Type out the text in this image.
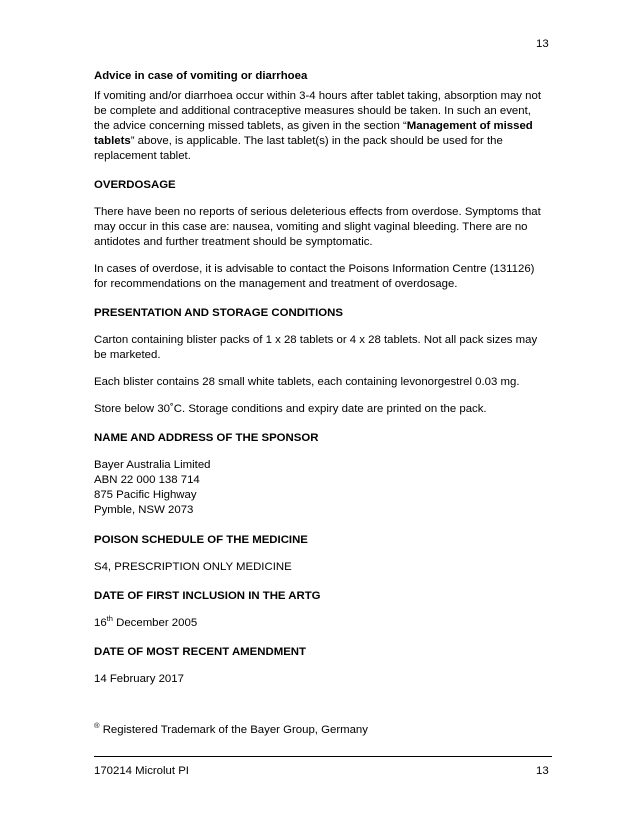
13

Advice in case of vomiting or diarrhoea

If vomiting and/or diarrhoea occur within 3-4 hours after tablet taking, absorption may not be complete and additional contraceptive measures should be taken. In such an event, the advice concerning missed tablets, as given in the section “Management of missed tablets” above, is applicable. The last tablet(s) in the pack should be used for the replacement tablet.

OVERDOSAGE

There have been no reports of serious deleterious effects from overdose. Symptoms that may occur in this case are: nausea, vomiting and slight vaginal bleeding. There are no antidotes and further treatment should be symptomatic.

In cases of overdose, it is advisable to contact the Poisons Information Centre (131126) for recommendations on the management and treatment of overdosage.

PRESENTATION AND STORAGE CONDITIONS

Carton containing blister packs of 1 x 28 tablets or 4 x 28 tablets. Not all pack sizes may be marketed.

Each blister contains 28 small white tablets, each containing levonorgestrel 0.03 mg.

Store below 30˚C. Storage conditions and expiry date are printed on the pack.

NAME AND ADDRESS OF THE SPONSOR

Bayer Australia Limited

ABN 22 000 138 714

875 Pacific Highway

Pymble, NSW 2073

POISON SCHEDULE OF THE MEDICINE

S4, PRESCRIPTION ONLY MEDICINE

DATE OF FIRST INCLUSION IN THE ARTG

16th December 2005

DATE OF MOST RECENT AMENDMENT

14 February 2017

® Registered Trademark of the Bayer Group, Germany

170214 Microlut PI	13
